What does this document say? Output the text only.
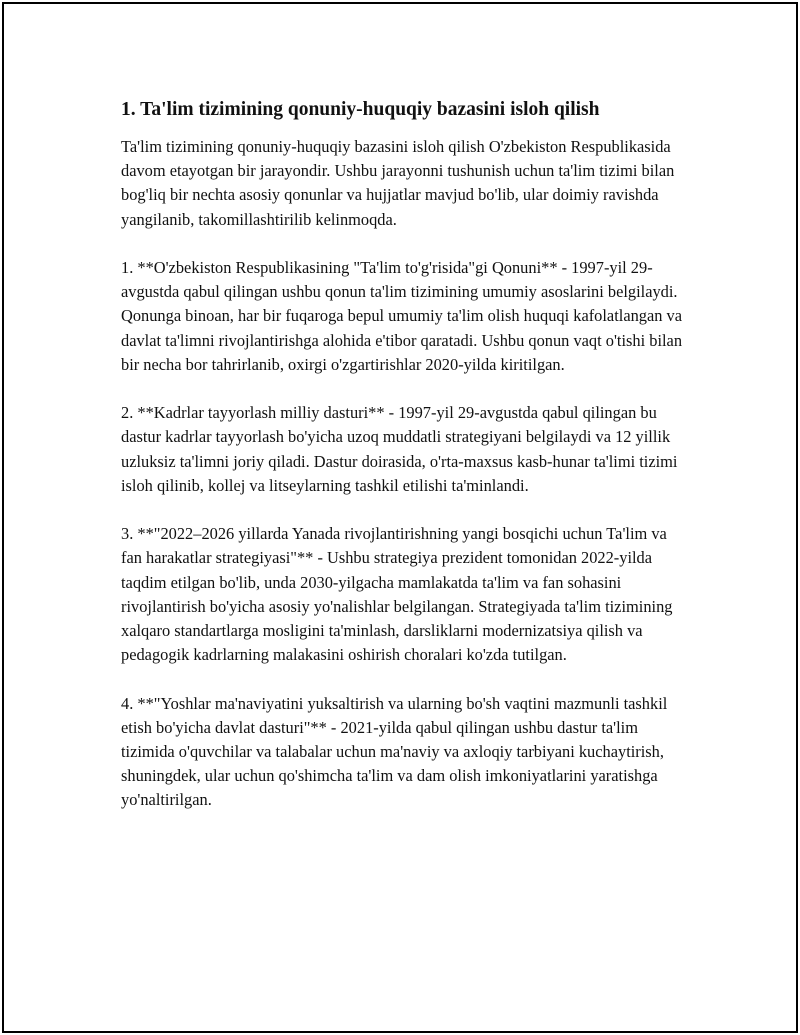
1. Ta'lim tizimining qonuniy-huquqiy bazasini isloh qilish

Ta'lim tizimining qonuniy-huquqiy bazasini isloh qilish O'zbekiston Respublikasida davom etayotgan bir jarayondir. Ushbu jarayonni tushunish uchun ta'lim tizimi bilan bog'liq bir nechta asosiy qonunlar va hujjatlar mavjud bo'lib, ular doimiy ravishda yangilanib, takomillashtirilib kelinmoqda.

1. **O'zbekiston Respublikasining "Ta'lim to'g'risida"gi Qonuni** - 1997-yil 29-avgustda qabul qilingan ushbu qonun ta'lim tizimining umumiy asoslarini belgilaydi. Qonunga binoan, har bir fuqaroga bepul umumiy ta'lim olish huquqi kafolatlangan va davlat ta'limni rivojlantirishga alohida e'tibor qaratadi. Ushbu qonun vaqt o'tishi bilan bir necha bor tahrirlanib, oxirgi o'zgartirishlar 2020-yilda kiritilgan.

2. **Kadrlar tayyorlash milliy dasturi** - 1997-yil 29-avgustda qabul qilingan bu dastur kadrlar tayyorlash bo'yicha uzoq muddatli strategiyani belgilaydi va 12 yillik uzluksiz ta'limni joriy qiladi. Dastur doirasida, o'rta-maxsus kasb-hunar ta'limi tizimi isloh qilinib, kollej va litseylarning tashkil etilishi ta'minlandi.

3. **"2022–2026 yillarda Yanada rivojlantirishning yangi bosqichi uchun Ta'lim va fan harakatlar strategiyasi"** - Ushbu strategiya prezident tomonidan 2022-yilda taqdim etilgan bo'lib, unda 2030-yilgacha mamlakatda ta'lim va fan sohasini rivojlantirish bo'yicha asosiy yo'nalishlar belgilangan. Strategiyada ta'lim tizimining xalqaro standartlarga mosligini ta'minlash, darsliklarni modernizatsiya qilish va pedagogik kadrlarning malakasini oshirish choralari ko'zda tutilgan.

4. **"Yoshlar ma'naviyatini yuksaltirish va ularning bo'sh vaqtini mazmunli tashkil etish bo'yicha davlat dasturi"** - 2021-yilda qabul qilingan ushbu dastur ta'lim tizimida o'quvchilar va talabalar uchun ma'naviy va axloqiy tarbiyani kuchaytirish, shuningdek, ular uchun qo'shimcha ta'lim va dam olish imkoniyatlarini yaratishga yo'naltirilgan.
